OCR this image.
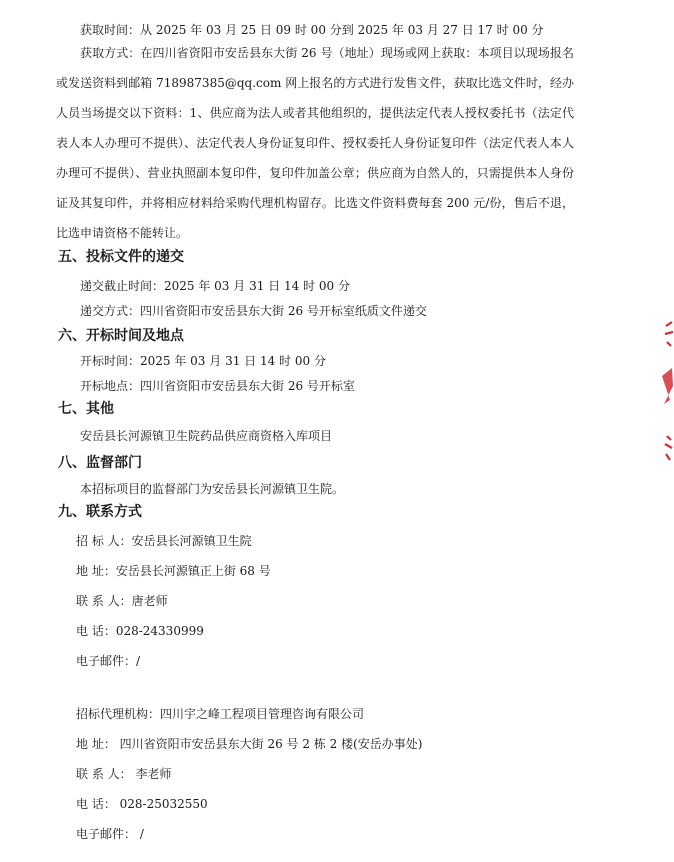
获取时间：从 2025 年 03 月 25 日 09 时 00 分到 2025 年 03 月 27 日 17 时 00 分
获取方式：在四川省资阳市安岳县东大街 26 号（地址）现场或网上获取：本项目以现场报名或发送资料到邮箱 718987385@qq.com 网上报名的方式进行发售文件，获取比选文件时，经办人员当场提交以下资料：1、供应商为法人或者其他组织的，提供法定代表人授权委托书（法定代表人本人办理可不提供）、法定代表人身份证复印件、授权委托人身份证复印件（法定代表人本人办理可不提供）、营业执照副本复印件，复印件加盖公章；供应商为自然人的，只需提供本人身份证及其复印件，并将相应材料给采购代理机构留存。比选文件资料费每套 200 元/份，售后不退，比选申请资格不能转让。
五、投标文件的递交
递交截止时间：2025 年 03 月 31 日 14 时 00 分
递交方式：四川省资阳市安岳县东大街 26 号开标室纸质文件递交
六、开标时间及地点
开标时间：2025 年 03 月 31 日 14 时 00 分
开标地点：四川省资阳市安岳县东大街 26 号开标室
七、其他
安岳县长河源镇卫生院药品供应商资格入库项目
八、监督部门
本招标项目的监督部门为安岳县长河源镇卫生院。
九、联系方式
招 标 人：安岳县长河源镇卫生院
地 址：安岳县长河源镇正上街 68 号
联 系 人：唐老师
电 话：028-24330999
电子邮件：/
招标代理机构：四川宇之峰工程项目管理咨询有限公司
地 址： 四川省资阳市安岳县东大街 26 号 2 栋 2 楼(安岳办事处)
联 系 人： 李老师
电 话： 028-25032550
电子邮件： /
